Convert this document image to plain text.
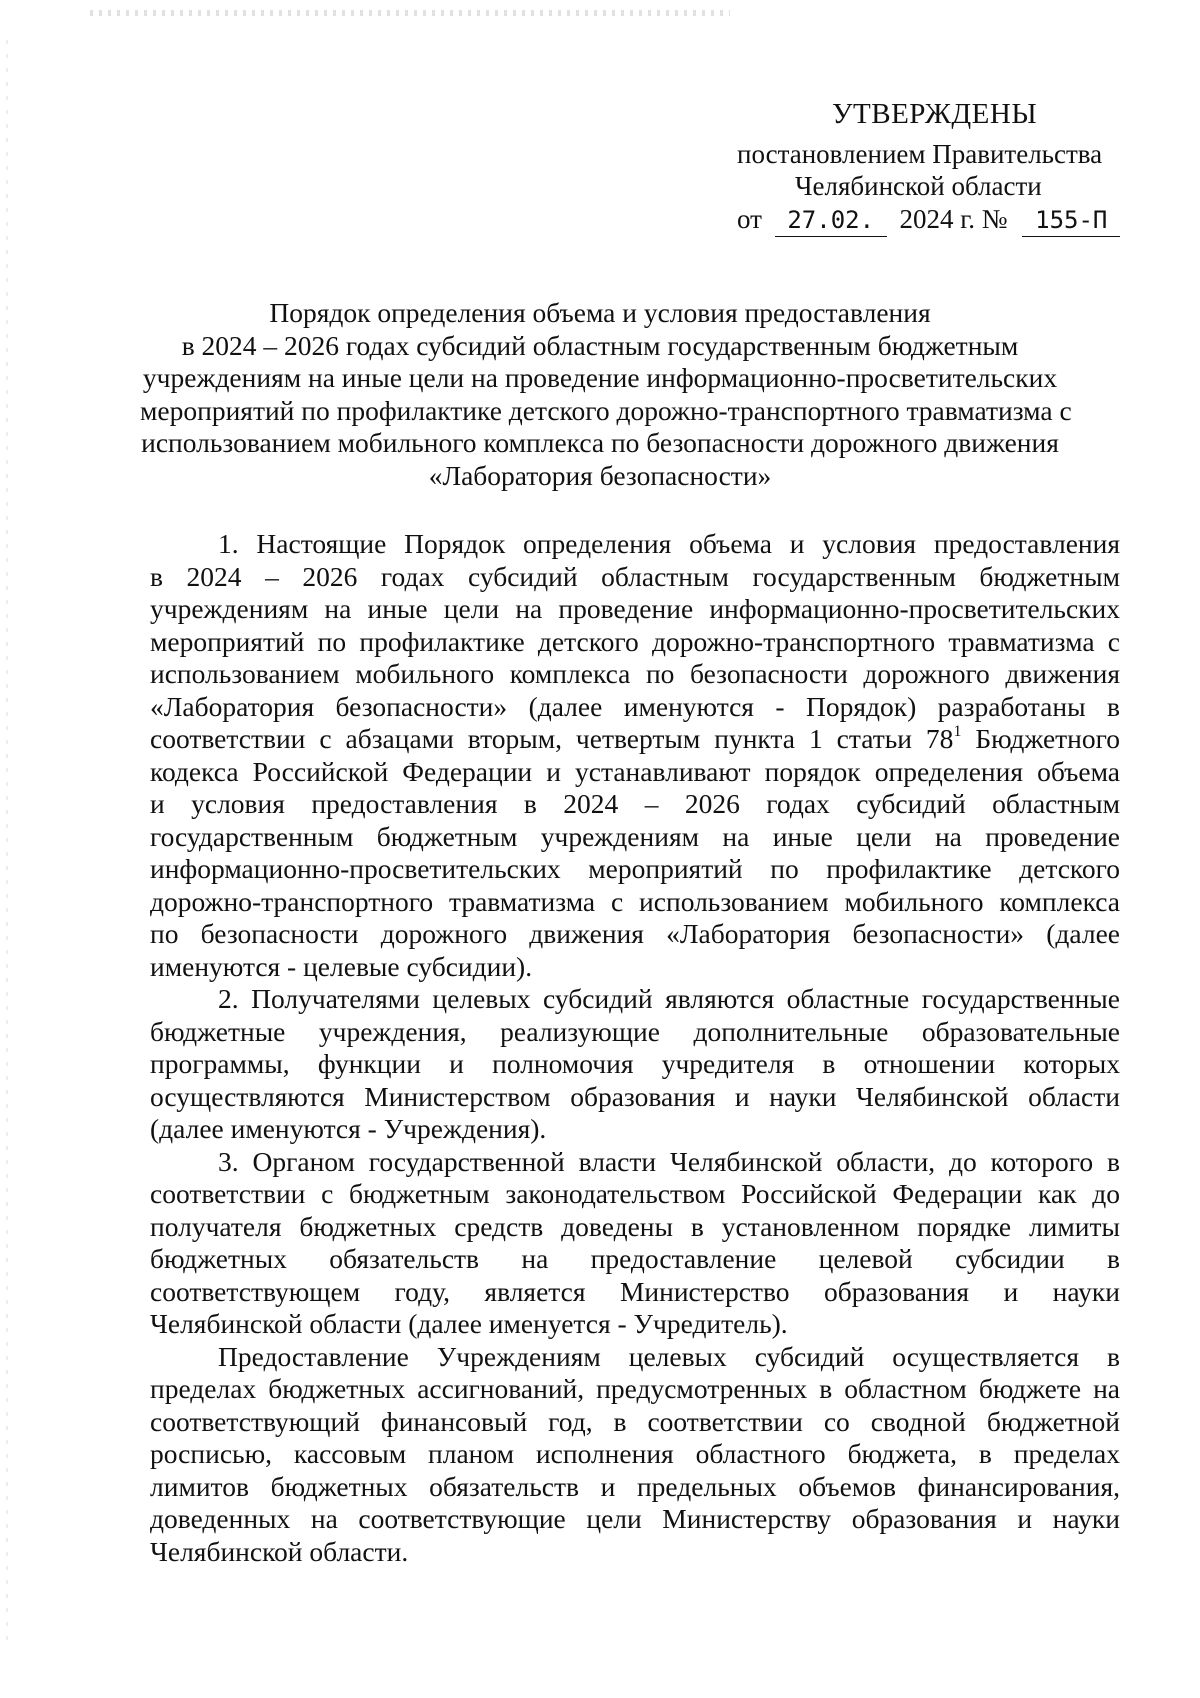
УТВЕРЖДЕНЫ
постановлением Правительства
Челябинской области
от 27.02. 2024 г. № 155-П
Порядок определения объема и условия предоставления
в 2024 – 2026 годах субсидий областным государственным бюджетным
учреждениям на иные цели на проведение информационно-просветительских
мероприятий по профилактике детского дорожно-транспортного травматизма с
использованием мобильного комплекса по безопасности дорожного движения
«Лаборатория безопасности»
1. Настоящие Порядок определения объема и условия предоставления
в 2024 – 2026 годах субсидий областным государственным бюджетным
учреждениям на иные цели на проведение информационно-просветительских
мероприятий по профилактике детского дорожно-транспортного травматизма с
использованием мобильного комплекса по безопасности дорожного движения
«Лаборатория безопасности» (далее именуются - Порядок) разработаны в
соответствии с абзацами вторым, четвертым пункта 1 статьи $78^1$ Бюджетного
кодекса Российской Федерации и устанавливают порядок определения объема
и условия предоставления в 2024 – 2026 годах субсидий областным
государственным бюджетным учреждениям на иные цели на проведение
информационно-просветительских мероприятий по профилактике детского
дорожно-транспортного травматизма с использованием мобильного комплекса
по безопасности дорожного движения «Лаборатория безопасности» (далее
именуются - целевые субсидии).
2. Получателями целевых субсидий являются областные государственные
бюджетные учреждения, реализующие дополнительные образовательные
программы, функции и полномочия учредителя в отношении которых
осуществляются Министерством образования и науки Челябинской области
(далее именуются - Учреждения).
3. Органом государственной власти Челябинской области, до которого в
соответствии с бюджетным законодательством Российской Федерации как до
получателя бюджетных средств доведены в установленном порядке лимиты
бюджетных обязательств на предоставление целевой субсидии в
соответствующем году, является Министерство образования и науки
Челябинской области (далее именуется - Учредитель).
Предоставление Учреждениям целевых субсидий осуществляется в
пределах бюджетных ассигнований, предусмотренных в областном бюджете на
соответствующий финансовый год, в соответствии со сводной бюджетной
росписью, кассовым планом исполнения областного бюджета, в пределах
лимитов бюджетных обязательств и предельных объемов финансирования,
доведенных на соответствующие цели Министерству образования и науки
Челябинской области.
